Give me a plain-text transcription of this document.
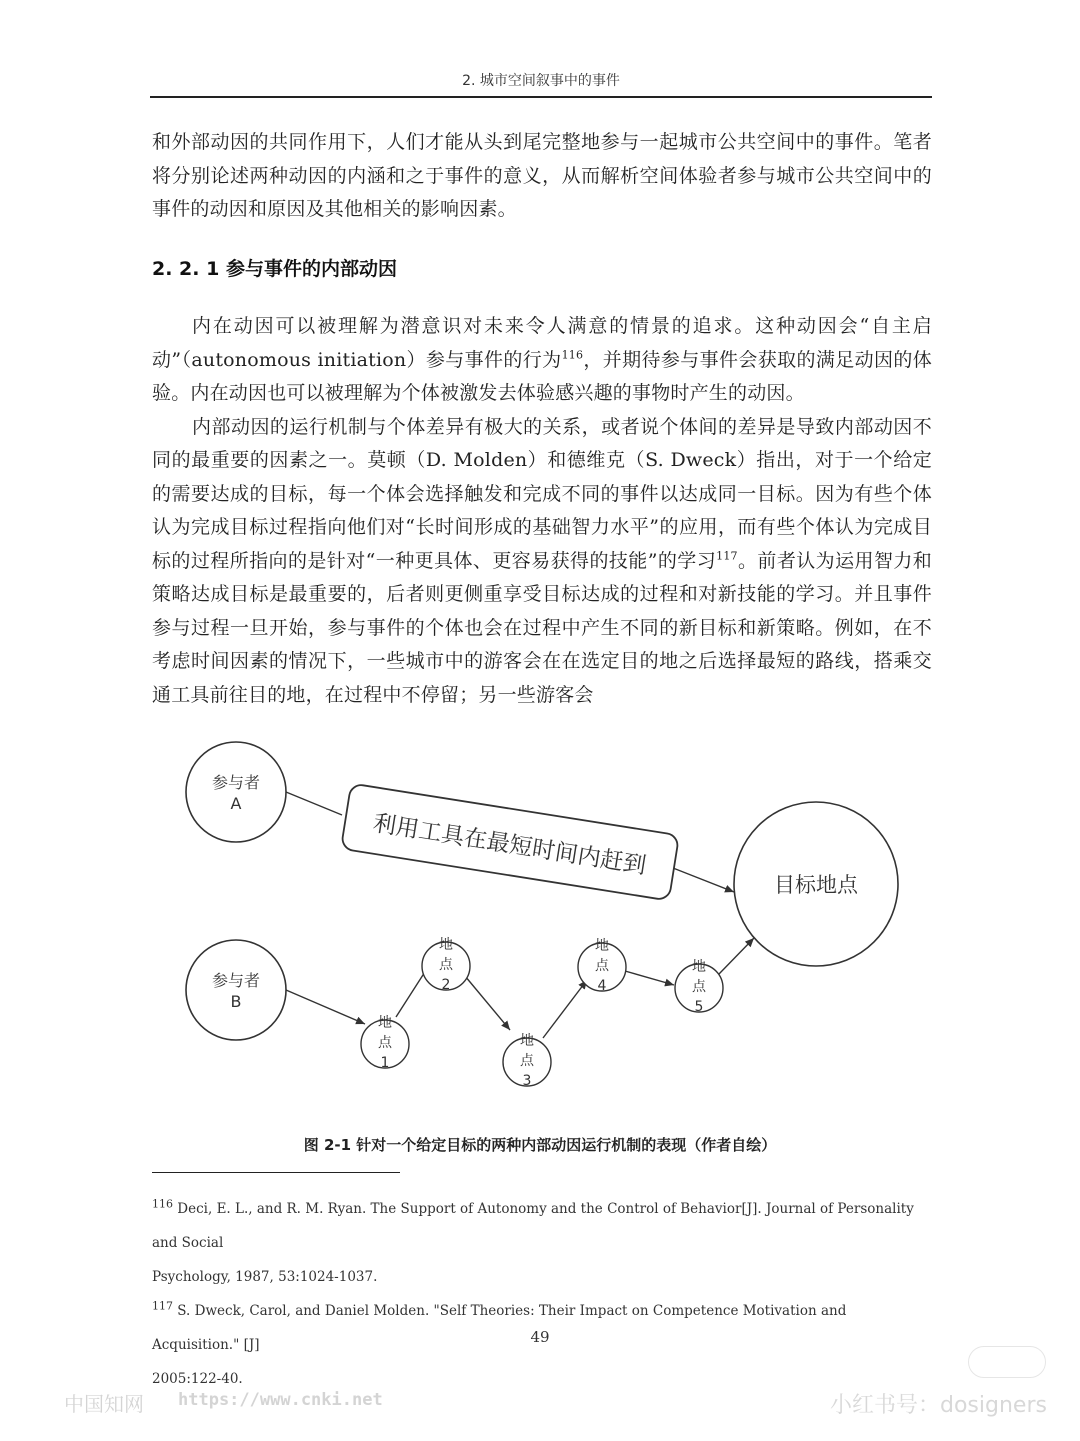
2. 城市空间叙事中的事件

和外部动因的共同作用下，人们才能从头到尾完整地参与一起城市公共空间中的事件。笔者将分别论述两种动因的内涵和之于事件的意义，从而解析空间体验者参与城市公共空间中的事件的动因和原因及其他相关的影响因素。

2. 2. 1 参与事件的内部动因

内在动因可以被理解为潜意识对未来令人满意的情景的追求。这种动因会“自主启动”（autonomous initiation）参与事件的行为$^{116}$，并期待参与事件会获取的满足动因的体验。内在动因也可以被理解为个体被激发去体验感兴趣的事物时产生的动因。

内部动因的运行机制与个体差异有极大的关系，或者说个体间的差异是导致内部动因不同的最重要的因素之一。莫顿（D. Molden）和德维克（S. Dweck）指出，对于一个给定的需要达成的目标，每一个体会选择触发和完成不同的事件以达成同一目标。因为有些个体认为完成目标过程指向他们对“长时间形成的基础智力水平”的应用，而有些个体认为完成目标的过程所指向的是针对“一种更具体、更容易获得的技能”的学习$^{117}$。前者认为运用智力和策略达成目标是最重要的，后者则更侧重享受目标达成的过程和对新技能的学习。并且事件参与过程一旦开始，参与事件的个体也会在过程中产生不同的新目标和新策略。例如，在不考虑时间因素的情况下，一些城市中的游客会在在选定目的地之后选择最短的路线，搭乘交通工具前往目的地，在过程中不停留；另一些游客会

参与者
A
参与者
B
利用工具在最短时间内赶到
目标地点
地
点
1
地
点
2
地
点
3
地
点
4
地
点
5
图 2-1 针对一个给定目标的两种内部动因运行机制的表现（作者自绘）

$^{116}$ Deci, E. L., and R. M. Ryan. The Support of Autonomy and the Control of Behavior[J]. Journal of Personality and Social

Psychology, 1987, 53:1024-1037.

$^{117}$ S. Dweck, Carol, and Daniel Molden. "Self Theories: Their Impact on Competence Motivation and Acquisition." [J]

2005:122-40.

49
中国知网 https://www.cnki.net	小红书号：dosigners
